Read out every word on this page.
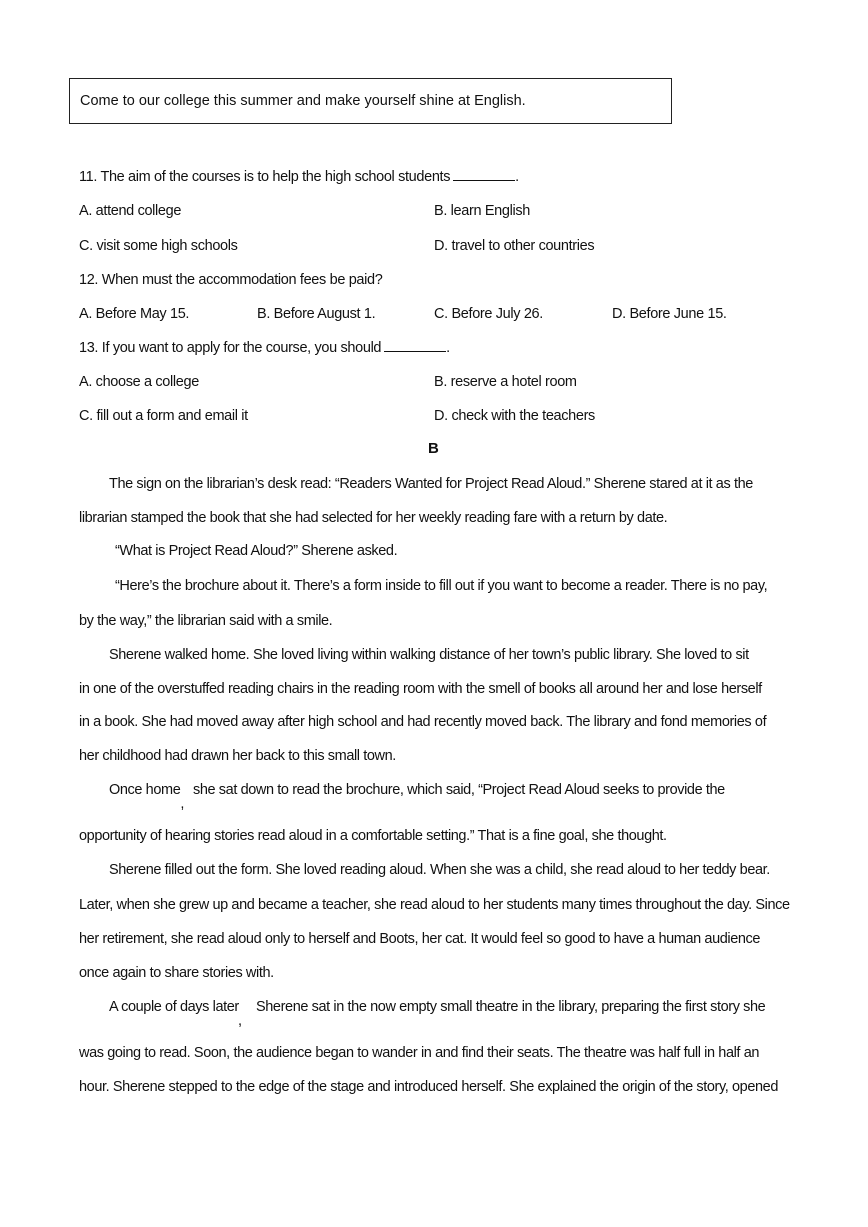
Come to our college this summer and make yourself shine at English.
11. The aim of the courses is to help the high school students	.
A. attend college	B. learn English
C. visit some high schools	D. travel to other countries
12. When must the accommodation fees be paid?
A. Before May 15.	B. Before August 1.	C. Before July 26.	D. Before June 15.
13. If you want to apply for the course, you should	.
A. choose a college	B. reserve a hotel room
C. fill out a form and email it	D. check with the teachers
B
The sign on the librarian’s desk read: “Readers Wanted for Project Read Aloud.” Sherene stared at it as the
librarian stamped the book that she had selected for her weekly reading fare with a return by date.
“What is Project Read Aloud?” Sherene asked.
“Here’s the brochure about it. There’s a form inside to fill out if you want to become a reader. There is no pay,
by the way,” the librarian said with a smile.
Sherene walked home. She loved living within walking distance of her town’s public library. She loved to sit
in one of the overstuffed reading chairs in the reading room with the smell of books all around her and lose herself
in a book. She had moved away after high school and had recently moved back. The library and fond memories of
her childhood had drawn her back to this small town.
Once home,
she sat down to read the brochure, which said, “Project Read Aloud seeks to provide the
opportunity of hearing stories read aloud in a comfortable setting.” That is a fine goal, she thought.
Sherene filled out the form. She loved reading aloud. When she was a child, she read aloud to her teddy bear.
Later, when she grew up and became a teacher, she read aloud to her students many times throughout the day. Since
her retirement, she read aloud only to herself and Boots, her cat. It would feel so good to have a human audience
once again to share stories with.
A couple of days later,
Sherene sat in the now empty small theatre in the library, preparing the first story she
was going to read. Soon, the audience began to wander in and find their seats. The theatre was half full in half an
hour. Sherene stepped to the edge of the stage and introduced herself. She explained the origin of the story, opened
